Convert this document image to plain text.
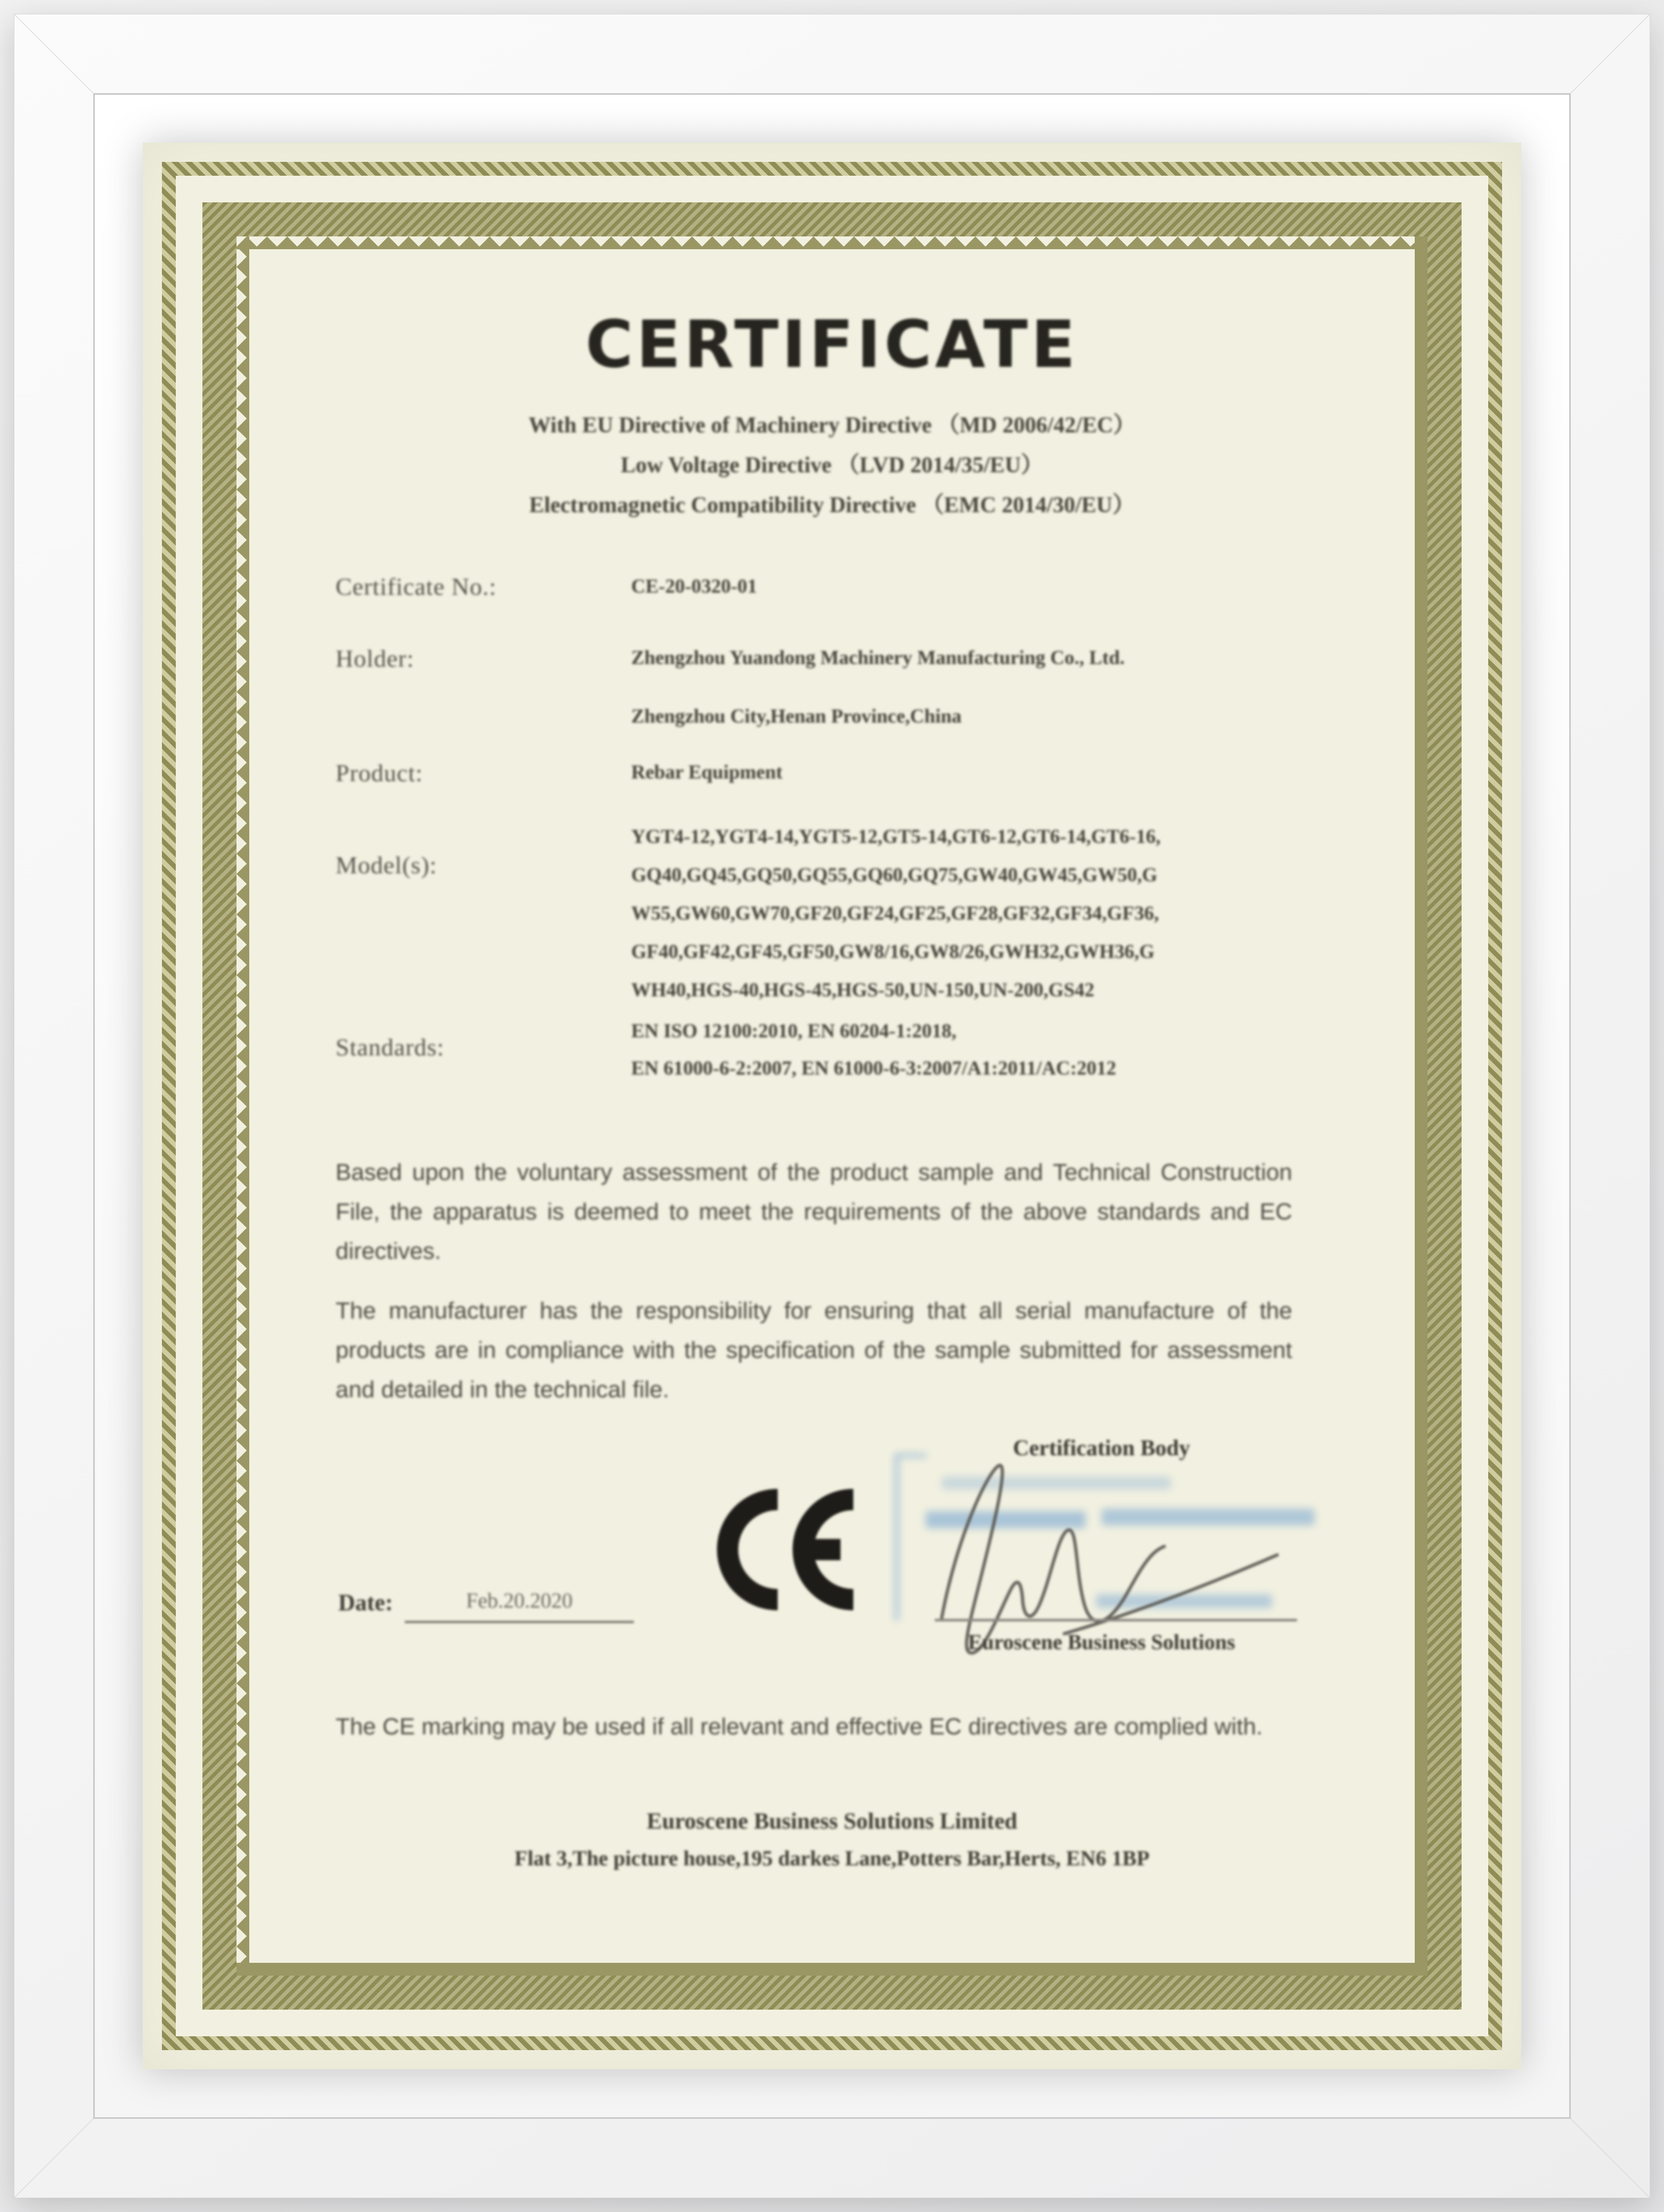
CERTIFICATE
With EU Directive of Machinery Directive （MD 2006/42/EC）
Low Voltage Directive （LVD 2014/35/EU）
Electromagnetic Compatibility Directive （EMC 2014/30/EU）
Certificate No.:	CE-20-0320-01
Holder:	Zhengzhou Yuandong Machinery Manufacturing Co., Ltd.
Zhengzhou City,Henan Province,China
Product:	Rebar Equipment
Model(s):
YGT4-12,YGT4-14,YGT5-12,GT5-14,GT6-12,GT6-14,GT6-16,
GQ40,GQ45,GQ50,GQ55,GQ60,GQ75,GW40,GW45,GW50,G
W55,GW60,GW70,GF20,GF24,GF25,GF28,GF32,GF34,GF36,
GF40,GF42,GF45,GF50,GW8/16,GW8/26,GWH32,GWH36,G
WH40,HGS-40,HGS-45,HGS-50,UN-150,UN-200,GS42
Standards:
EN ISO 12100:2010, EN 60204-1:2018,
EN 61000-6-2:2007, EN 61000-6-3:2007/A1:2011/AC:2012
Based upon the voluntary assessment of the product sample and Technical Construction File, the apparatus is deemed to meet the requirements of the above standards and EC directives.
The manufacturer has the responsibility for ensuring that all serial manufacture of the products are in compliance with the specification of the sample submitted for assessment and detailed in the technical file.
Certification Body
Euroscene Business Solutions
Date:	Feb.20.2020
The CE marking may be used if all relevant and effective EC directives are complied with.
Euroscene Business Solutions Limited
Flat 3,The picture house,195 darkes Lane,Potters Bar,Herts, EN6 1BP
